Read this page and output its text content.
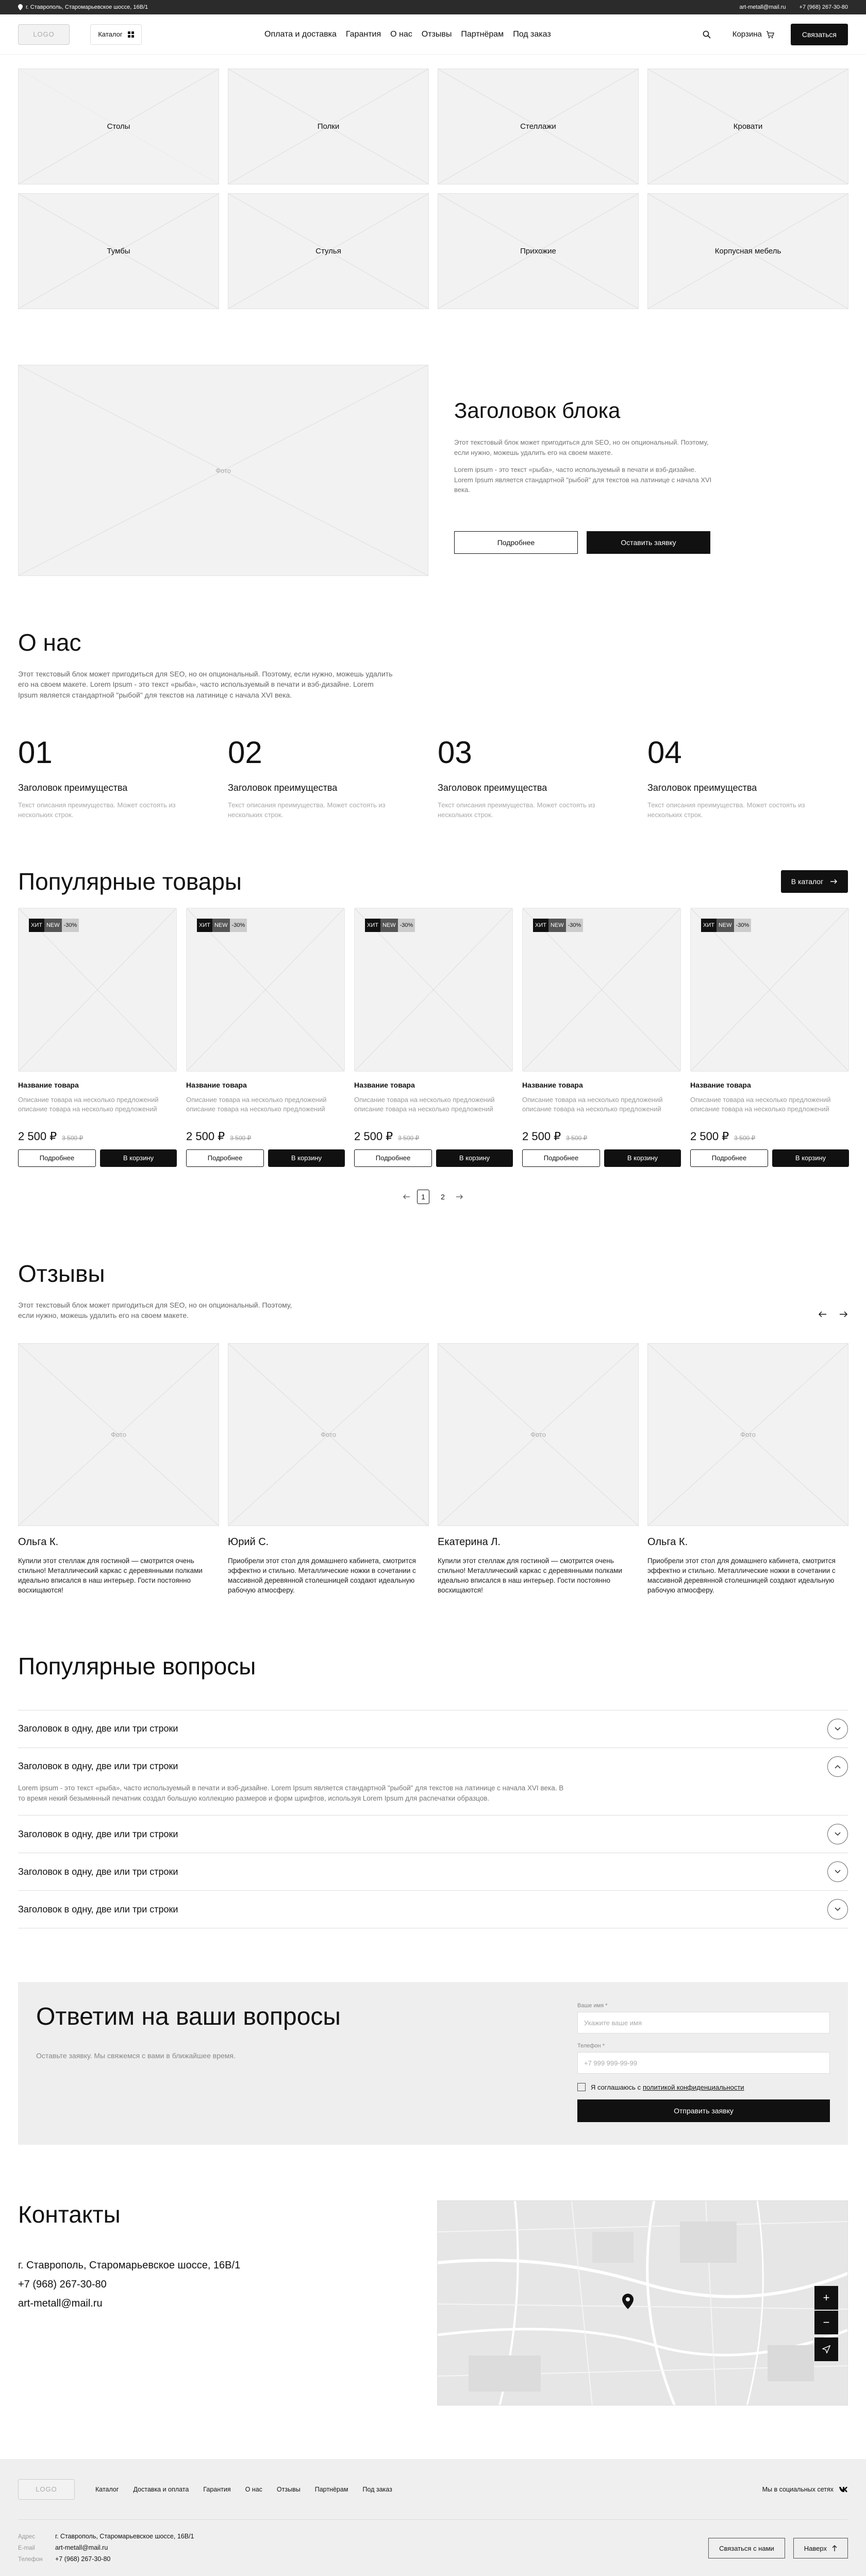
г. Ставрополь, Старомарьевское шоссе, 16В/1	art-metall@mail.ru +7 (968) 267-30-80
LOGO	Каталог	Оплата и доставка Гарантия О нас Отзывы Партнёрам Под заказ	Корзина	Связаться
Столы	Полки	Стеллажи	Кровати
Тумбы	Стулья	Прихожие	Корпусная мебель
Фото
Заголовок блока

Этот текстовый блок может пригодиться для SEO, но он опциональный. Поэтому, если нужно, можешь удалить его на своем макете.

Lorem ipsum - это текст «рыба», часто используемый в печати и вэб-дизайне. Lorem Ipsum является стандартной "рыбой" для текстов на латинице с начала XVI века.

Подробнее	Оставить заявку
О нас

Этот текстовый блок может пригодиться для SEO, но он опциональный. Поэтому, если нужно, можешь удалить его на своем макете. Lorem Ipsum - это текст «рыба», часто используемый в печати и вэб-дизайне. Lorem Ipsum является стандартной "рыбой" для текстов на латинице с начала XVI века.

01
Заголовок преимущества
Текст описания преимущества. Может состоять из нескольких строк.
02
Заголовок преимущества
Текст описания преимущества. Может состоять из нескольких строк.
03
Заголовок преимущества
Текст описания преимущества. Может состоять из нескольких строк.
04
Заголовок преимущества
Текст описания преимущества. Может состоять из нескольких строк.
Популярные товары	В каталог
ХИТ NEW -30%
Название товара
Описание товара на несколько предложений описание товара на несколько предложений
2 500 ₽ 3 500 ₽
Подробнее	В корзину
ХИТ NEW -30%
Название товара
Описание товара на несколько предложений описание товара на несколько предложений
2 500 ₽ 3 500 ₽
Подробнее	В корзину
ХИТ NEW -30%
Название товара
Описание товара на несколько предложений описание товара на несколько предложений
2 500 ₽ 3 500 ₽
Подробнее	В корзину
ХИТ NEW -30%
Название товара
Описание товара на несколько предложений описание товара на несколько предложений
2 500 ₽ 3 500 ₽
Подробнее	В корзину
ХИТ NEW -30%
Название товара
Описание товара на несколько предложений описание товара на несколько предложений
2 500 ₽ 3 500 ₽
Подробнее	В корзину
1	2
Отзывы

Этот текстовый блок может пригодиться для SEO, но он опциональный. Поэтому, если нужно, можешь удалить его на своем макете.

Фото
Ольга К.
Купили этот стеллаж для гостиной — смотрится очень стильно! Металлический каркас с деревянными полками идеально вписался в наш интерьер. Гости постоянно восхищаются!
Фото
Юрий С.
Приобрели этот стол для домашнего кабинета, смотрится эффектно и стильно. Металлические ножки в сочетании с массивной деревянной столешницей создают идеальную рабочую атмосферу.
Фото
Екатерина Л.
Купили этот стеллаж для гостиной — смотрится очень стильно! Металлический каркас с деревянными полками идеально вписался в наш интерьер. Гости постоянно восхищаются!
Фото
Ольга К.
Приобрели этот стол для домашнего кабинета, смотрится эффектно и стильно. Металлические ножки в сочетании с массивной деревянной столешницей создают идеальную рабочую атмосферу.
Популярные вопросы
Заголовок в одну, две или три строки
Заголовок в одну, две или три строки
Lorem ipsum - это текст «рыба», часто используемый в печати и вэб-дизайне. Lorem Ipsum является стандартной "рыбой" для текстов на латинице с начала XVI века. В то время некий безымянный печатник создал большую коллекцию размеров и форм шрифтов, используя Lorem Ipsum для распечатки образцов.
Заголовок в одну, две или три строки
Заголовок в одну, две или три строки
Заголовок в одну, две или три строки
Ответим на ваши вопросы

Оставьте заявку. Мы свяжемся с вами в ближайшее время.

Ваше имя *
Укажите ваше имя
Телефон *
+7 999 999-99-99
Я соглашаюсь с политикой конфиденциальности
Отправить заявку
Контакты
г. Ставрополь, Старомарьевское шоссе, 16В/1
+7 (968) 267-30-80
art-metall@mail.ru	+
−
LOGO	Каталог Доставка и оплата Гарантия О нас Отзывы Партнёрам Под заказ	Мы в социальных сетях
Адрес	г. Ставрополь, Старомарьевское шоссе, 16В/1
E-mail	art-metall@mail.ru
Телефон +7 (968) 267-30-80
Связаться с нами	Наверх
